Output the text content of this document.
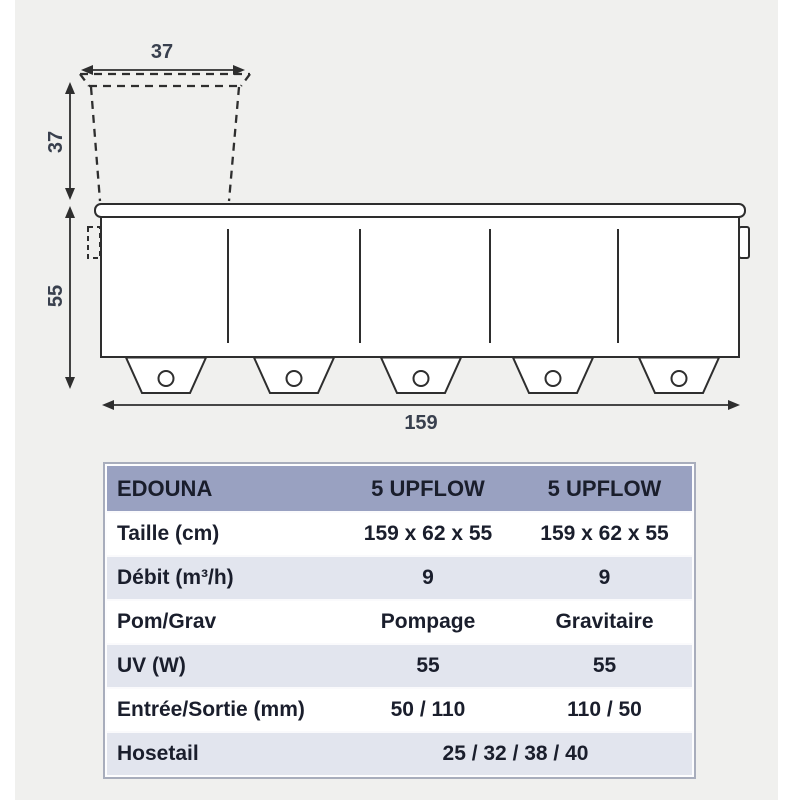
37
37
55
159
EDOUNA	5 UPFLOW	5 UPFLOW
Taille (cm)	159 x 62 x 55	159 x 62 x 55
Débit (m³/h)	9	9
Pom/Grav	Pompage	Gravitaire
UV (W)	55	55
Entrée/Sortie (mm)	50 / 110	110 / 50
Hosetail	25 / 32 / 38 / 40
